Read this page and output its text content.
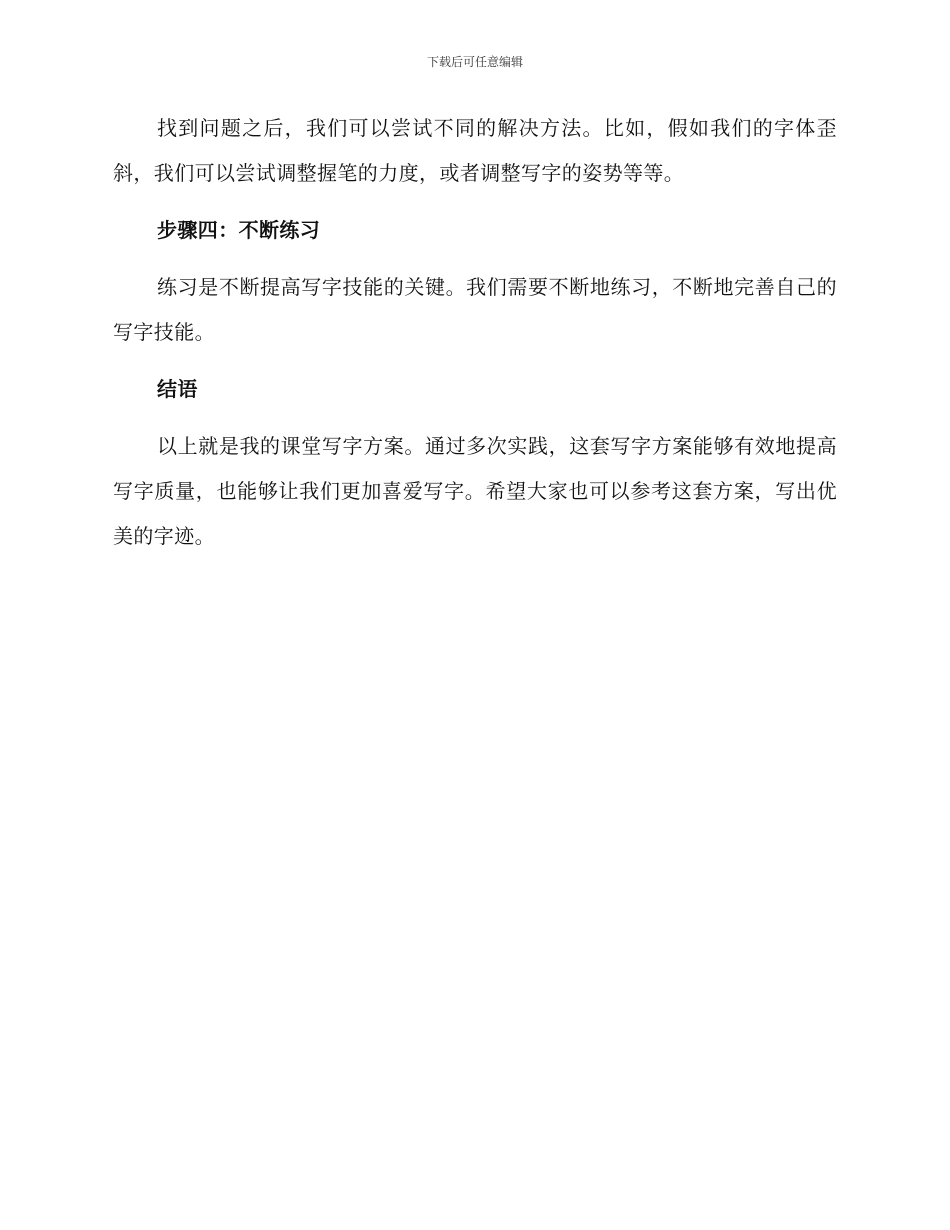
下载后可任意编辑

找到问题之后，我们可以尝试不同的解决方法。比如，假如我们的字体歪斜，我们可以尝试调整握笔的力度，或者调整写字的姿势等等。

步骤四：不断练习

练习是不断提高写字技能的关键。我们需要不断地练习，不断地完善自己的写字技能。

结语

以上就是我的课堂写字方案。通过多次实践，这套写字方案能够有效地提高写字质量，也能够让我们更加喜爱写字。希望大家也可以参考这套方案，写出优美的字迹。
